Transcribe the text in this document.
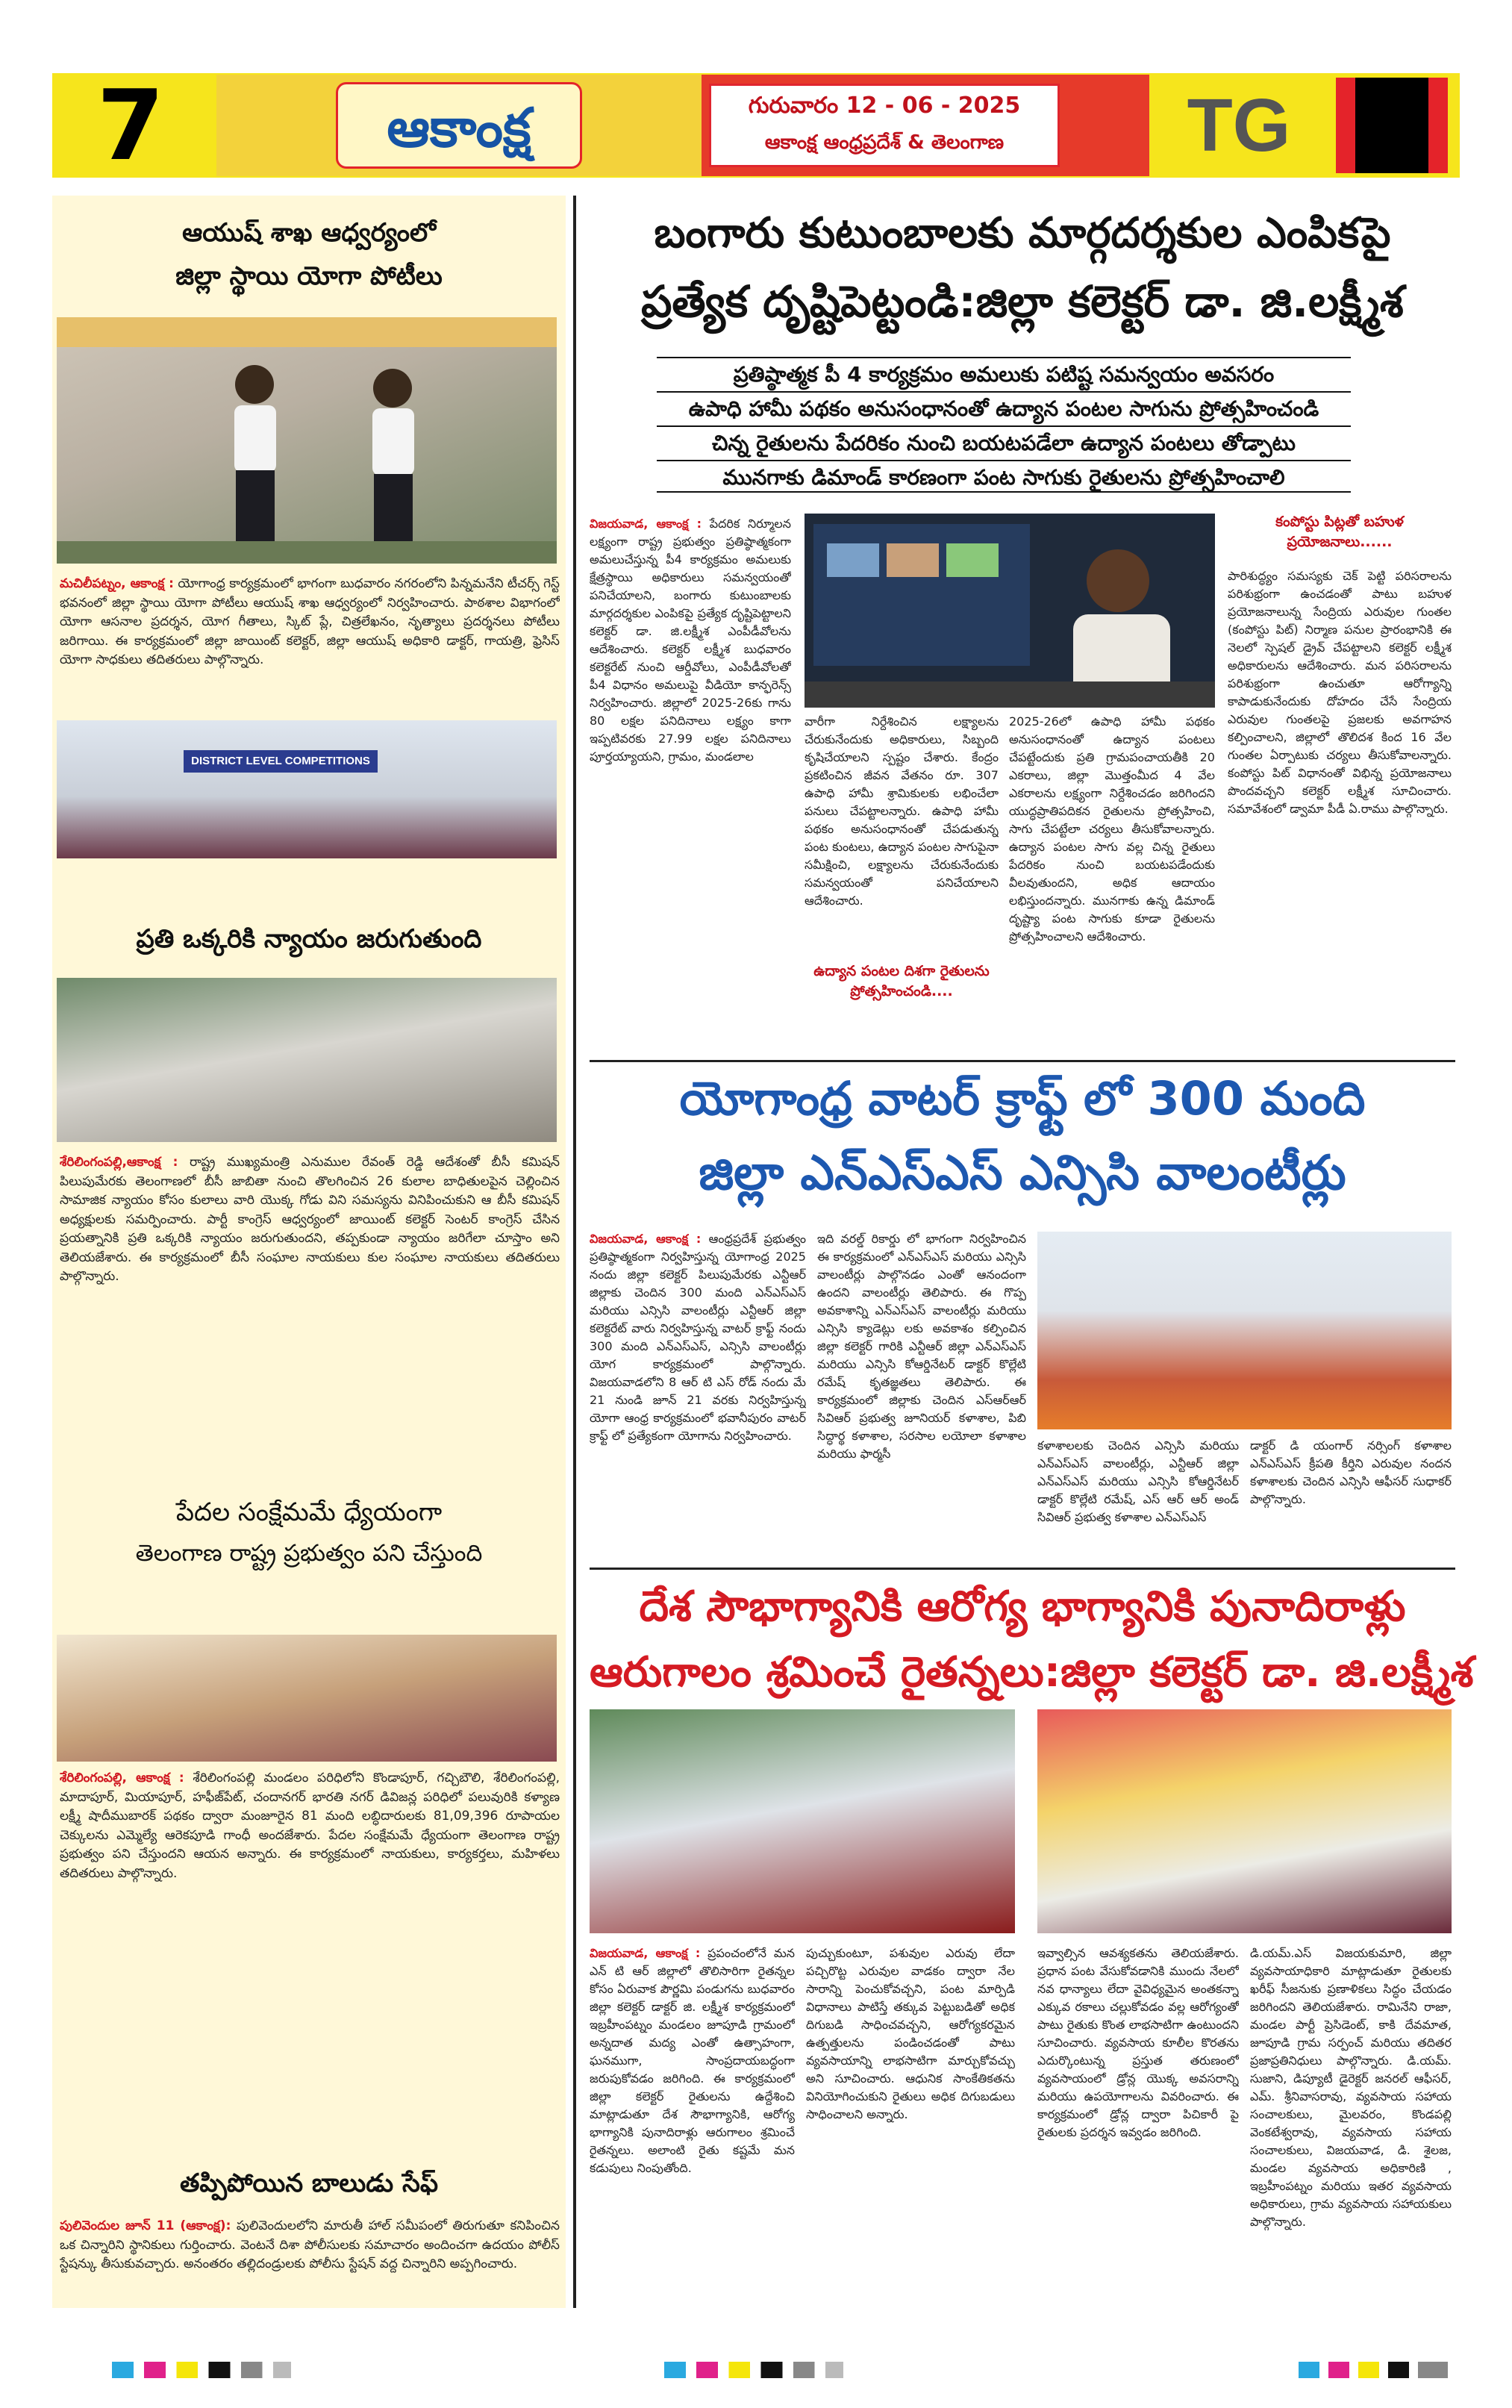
7	ఆకాంక్ష	గురువారం 12 - 06 - 2025
ఆకాంక్ష ఆంధ్రప్రదేశ్ & తెలంగాణ	TG
ఆయుష్ శాఖ ఆధ్వర్యంలో
జిల్లా స్థాయి యోగా పోటీలు
మచిలీపట్నం, ఆకాంక్ష : యోగాంధ్ర కార్యక్రమంలో భాగంగా బుధవారం నగరంలోని పిన్నమనేని టీచర్స్ గెస్ట్ భవనంలో జిల్లా స్థాయి యోగా పోటీలు ఆయుష్ శాఖ ఆధ్వర్యంలో నిర్వహించారు. పాఠశాల విభాగంలో యోగా ఆసనాల ప్రదర్శన, యోగ గీతాలు, స్కిట్ ప్లే, చిత్రలేఖనం, నృత్యాలు ప్రదర్శనలు పోటీలు జరిగాయి. ఈ కార్యక్రమంలో జిల్లా జాయింట్ కలెక్టర్, జిల్లా ఆయుష్ అధికారి డాక్టర్, గాయత్రి, ఫ్రెసిస్ యోగా సాధకులు తదితరులు పాల్గొన్నారు.
DISTRICT LEVEL COMPETITIONS
ప్రతి ఒక్కరికి న్యాయం జరుగుతుంది
శేరిలింగంపల్లి,ఆకాంక్ష : రాష్ట్ర ముఖ్యమంత్రి ఎనుముల రేవంత్ రెడ్డి ఆదేశంతో బీసీ కమిషన్ పిలుపుమేరకు తెలంగాణలో బీసీ జాబితా నుంచి తొలగించిన 26 కులాల బాధితులపైన చెల్లించిన సామాజిక న్యాయం కోసం కులాలు వారి యొక్క గోడు విని సమస్యను వినిపించుకుని ఆ బీసీ కమిషన్ అధ్యక్షులకు సమర్పించారు. పార్టీ కాంగ్రెస్ ఆధ్వర్యంలో జాయింట్ కలెక్టర్ సెంటర్ కాంగ్రెస్ చేసిన ప్రయత్నానికి ప్రతి ఒక్కరికి న్యాయం జరుగుతుందని, తప్పకుండా న్యాయం జరిగేలా చూస్తాం అని తెలియజేశారు. ఈ కార్యక్రమంలో బీసీ సంఘాల నాయకులు కుల సంఘాల నాయకులు తదితరులు పాల్గొన్నారు.
పేదల సంక్షేమమే ధ్యేయంగా
తెలంగాణ రాష్ట్ర ప్రభుత్వం పని చేస్తుంది
శేరిలింగంపల్లి, ఆకాంక్ష : శేరిలింగంపల్లి మండలం పరిధిలోని కొండాపూర్, గచ్చిబౌలి, శేరిలింగంపల్లి, మాదాపూర్, మియాపూర్, హఫీజ్‌పేట్, చందానగర్ భారతి నగర్ డివిజన్ల పరిధిలో పలువురికి కళ్యాణ లక్ష్మీ షాదీముబారక్ పథకం ద్వారా మంజూరైన 81 మంది లబ్ధిదారులకు 81,09,396 రూపాయల చెక్కులను ఎమ్మెల్యే ఆరెకపూడి గాంధీ అందజేశారు. పేదల సంక్షేమమే ధ్యేయంగా తెలంగాణ రాష్ట్ర ప్రభుత్వం పని చేస్తుందని ఆయన అన్నారు. ఈ కార్యక్రమంలో నాయకులు, కార్యకర్తలు, మహిళలు తదితరులు పాల్గొన్నారు.
తప్పిపోయిన బాలుడు సేఫ్
పులివెందుల జూన్ 11 (ఆకాంక్ష): పులివెందులలోని మారుతీ హాల్ సమీపంలో తిరుగుతూ కనిపించిన ఒక చిన్నారిని స్థానికులు గుర్తించారు. వెంటనే దిశా పోలీసులకు సమాచారం అందించగా ఉదయం పోలీస్ స్టేషన్కు తీసుకువచ్చారు. అనంతరం తల్లిదండ్రులకు పోలీసు స్టేషన్ వద్ద చిన్నారిని అప్పగించారు.
బంగారు కుటుంబాలకు మార్గదర్శకుల ఎంపికపై
ప్రత్యేక దృష్టిపెట్టండి:జిల్లా కలెక్టర్ డా. జి.లక్ష్మీశ
ప్రతిష్ఠాత్మక పీ 4 కార్యక్రమం అమలుకు పటిష్ట సమన్వయం అవసరం
ఉపాధి హామీ పథకం అనుసంధానంతో ఉద్యాన పంటల సాగును ప్రోత్సహించండి
చిన్న రైతులను పేదరికం నుంచి బయటపడేలా ఉద్యాన పంటలు తోడ్పాటు
మునగాకు డిమాండ్ కారణంగా పంట సాగుకు రైతులను ప్రోత్సహించాలి
విజయవాడ, ఆకాంక్ష : పేదరిక నిర్మూలన లక్ష్యంగా రాష్ట్ర ప్రభుత్వం ప్రతిష్ఠాత్మకంగా అమలుచేస్తున్న పీ4 కార్యక్రమం అమలుకు క్షేత్రస్థాయి అధికారులు సమన్వయంతో పనిచేయాలని, బంగారు కుటుంబాలకు మార్గదర్శకుల ఎంపికపై ప్రత్యేక దృష్టిపెట్టాలని కలెక్టర్ డా. జి.లక్ష్మీశ ఎంపీడీవోలను ఆదేశించారు. కలెక్టర్ లక్ష్మీశ బుధవారం కలెక్టరేట్ నుంచి ఆర్డీవోలు, ఎంపీడీవోలతో పీ4 విధానం అమలుపై వీడియో కాన్ఫరెన్స్ నిర్వహించారు. జిల్లాలో 2025-26కు గాను 80 లక్షల పనిదినాలు లక్ష్యం కాగా ఇప్పటివరకు 27.99 లక్షల పనిదినాలు పూర్తయ్యాయని, గ్రామం, మండలాల
వారీగా నిర్దేశించిన లక్ష్యాలను చేరుకునేందుకు అధికారులు, సిబ్బంది కృషిచేయాలని స్పష్టం చేశారు. కేంద్రం ప్రకటించిన జీవన వేతనం రూ. 307 ఉపాధి హామీ శ్రామికులకు లభించేలా పనులు చేపట్టాలన్నారు. ఉపాధి హామీ పథకం అనుసంధానంతో చేపడుతున్న పంట కుంటలు, ఉద్యాన పంటల సాగుపైనా సమీక్షించి, లక్ష్యాలను చేరుకునేందుకు సమన్వయంతో పనిచేయాలని ఆదేశించారు.
2025-26లో ఉపాధి హామీ పథకం అనుసంధానంతో ఉద్యాన పంటలు చేపట్టేందుకు ప్రతి గ్రామపంచాయతీకి 20 ఎకరాలు, జిల్లా మొత్తంమీద 4 వేల ఎకరాలను లక్ష్యంగా నిర్దేశించడం జరిగిందని యుద్ధప్రాతిపదికన రైతులను ప్రోత్సహించి, సాగు చేపట్టేలా చర్యలు తీసుకోవాలన్నారు. ఉద్యాన పంటల సాగు వల్ల చిన్న రైతులు పేదరికం నుంచి బయటపడేందుకు వీలవుతుందని, అధిక ఆదాయం లభిస్తుందన్నారు. మునగాకు ఉన్న డిమాండ్ దృష్ట్యా పంట సాగుకు కూడా రైతులను ప్రోత్సహించాలని ఆదేశించారు.
ఉద్యాన పంటల దిశగా రైతులను ప్రోత్సహించండి....
కంపోస్టు పిట్లతో బహుళ ప్రయోజనాలు......
పారిశుద్ధ్యం సమస్యకు చెక్ పెట్టి పరిసరాలను పరిశుభ్రంగా ఉంచడంతో పాటు బహుళ ప్రయోజనాలున్న సేంద్రియ ఎరువుల గుంతల (కంపోస్టు పిట్) నిర్మాణ పనుల ప్రారంభానికి ఈ నెలలో స్పెషల్ డ్రైవ్ చేపట్టాలని కలెక్టర్ లక్ష్మీశ అధికారులను ఆదేశించారు. మన పరిసరాలను పరిశుభ్రంగా ఉంచుతూ ఆరోగ్యాన్ని కాపాడుకునేందుకు దోహదం చేసే సేంద్రియ ఎరువుల గుంతలపై ప్రజలకు అవగాహన కల్పించాలని, జిల్లాలో తొలిదశ కింద 16 వేల గుంతల ఏర్పాటుకు చర్యలు తీసుకోవాలన్నారు. కంపోస్టు పిట్ విధానంతో విభిన్న ప్రయోజనాలు పొందవచ్చని కలెక్టర్ లక్ష్మీశ సూచించారు. సమావేశంలో డ్వామా పీడీ ఏ.రాము పాల్గొన్నారు.
యోగాంధ్ర వాటర్ క్రాఫ్ట్ లో 300 మంది
జిల్లా ఎన్ఎస్ఎస్ ఎన్సిసి వాలంటీర్లు
విజయవాడ, ఆకాంక్ష : ఆంధ్రప్రదేశ్ ప్రభుత్వం ప్రతిష్ఠాత్మకంగా నిర్వహిస్తున్న యోగాంధ్ర 2025 నందు జిల్లా కలెక్టర్ పిలుపుమేరకు ఎన్టీఆర్ జిల్లాకు చెందిన 300 మంది ఎన్ఎస్ఎస్ మరియు ఎన్సిసి వాలంటీర్లు ఎన్టీఆర్ జిల్లా కలెక్టరేట్ వారు నిర్వహిస్తున్న వాటర్ క్రాఫ్ట్ నందు 300 మంది ఎన్ఎస్ఎస్, ఎన్సిసి వాలంటీర్లు యోగ కార్యక్రమంలో పాల్గొన్నారు. విజయవాడలోని 8 ఆర్ టి ఎస్ రోడ్ నందు మే 21 నుండి జూన్ 21 వరకు నిర్వహిస్తున్న యోగా ఆంధ్ర కార్యక్రమంలో భవానీపురం వాటర్ క్రాఫ్ట్ లో ప్రత్యేకంగా యోగాను నిర్వహించారు.
ఇది వరల్డ్ రికార్డు లో భాగంగా నిర్వహించిన ఈ కార్యక్రమంలో ఎన్ఎస్ఎస్ మరియు ఎన్సిసి వాలంటీర్లు పాల్గొనడం ఎంతో ఆనందంగా ఉందని వాలంటీర్లు తెలిపారు. ఈ గొప్ప అవకాశాన్ని ఎన్ఎస్ఎస్ వాలంటీర్లు మరియు ఎన్సిసి క్యాడెట్లు లకు అవకాశం కల్పించిన జిల్లా కలెక్టర్ గారికి ఎన్టీఆర్ జిల్లా ఎన్ఎస్ఎస్ మరియు ఎన్సిసి కోఆర్డినేటర్ డాక్టర్ కొల్లేటి రమేష్ కృతజ్ఞతలు తెలిపారు. ఈ కార్యక్రమంలో జిల్లాకు చెందిన ఎస్ఆర్ఆర్ సివిఆర్ ప్రభుత్వ జూనియర్ కళాశాల, పిబి సిద్ధార్థ కళాశాల, సరసాల లయోలా కళాశాల మరియు ఫార్మసీ
కళాశాలలకు చెందిన ఎన్సిసి మరియు ఎన్ఎస్ఎస్ వాలంటీర్లు, ఎన్టీఆర్ జిల్లా ఎన్ఎస్ఎస్ మరియు ఎన్సిసి కోఆర్డినేటర్ డాక్టర్ కొల్లేటి రమేష్, ఎస్ ఆర్ ఆర్ అండ్ సివిఆర్ ప్రభుత్వ కళాశాల ఎన్ఎస్ఎస్
డాక్టర్ డి యంగార్ నర్సింగ్ కళాశాల ఎన్ఎస్ఎస్ క్రీపతి కీర్తిని ఎరువుల నందన కళాశాలకు చెందిన ఎన్సిసి ఆఫీసర్ సుధాకర్ పాల్గొన్నారు.
దేశ సౌభాగ్యానికి ఆరోగ్య భాగ్యానికి పునాదిరాళ్లు
ఆరుగాలం శ్రమించే రైతన్నలు:జిల్లా కలెక్టర్ డా. జి.లక్ష్మీశ
విజయవాడ, ఆకాంక్ష : ప్రపంచంలోనే మన ఎన్ టి ఆర్ జిల్లాలో తొలిసారిగా రైతన్నల కోసం ఏరువాక పౌర్ణమి పండుగను బుధవారం జిల్లా కలెక్టర్ డాక్టర్ జి. లక్ష్మీశ కార్యక్రమంలో ఇబ్రహీంపట్నం మండలం జూపూడి గ్రామంలో అన్నదాత మద్య ఎంతో ఉత్సాహంగా, ఘనముగా, సాంప్రదాయబద్ధంగా జరుపుకోవడం జరిగింది. ఈ కార్యక్రమంలో జిల్లా కలెక్టర్ రైతులను ఉద్దేశించి మాట్లాడుతూ దేశ సౌభాగ్యానికి, ఆరోగ్య భాగ్యానికి పునాదిరాళ్లు ఆరుగాలం శ్రమించే రైతన్నలు. అలాంటి రైతు కష్టమే మన కడుపులు నింపుతోంది.
పుచ్చుకుంటూ, పశువుల ఎరువు లేదా పచ్చిరొట్ట ఎరువుల వాడకం ద్వారా నేల సారాన్ని పెంచుకోవచ్చని, పంట మార్పిడి విధానాలు పాటిస్తే తక్కువ పెట్టుబడితో అధిక దిగుబడి సాధించవచ్చని, ఆరోగ్యకరమైన ఉత్పత్తులను పండించడంతో పాటు వ్యవసాయాన్ని లాభసాటిగా మార్చుకోవచ్చు అని సూచించారు. ఆధునిక సాంకేతికతను వినియోగించుకుని రైతులు అధిక దిగుబడులు సాధించాలని అన్నారు.
ఇవ్వాల్సిన ఆవశ్యకతను తెలియజేశారు. ప్రధాన పంట వేసుకోవడానికి ముందు నేలలో నవ ధాన్యాలు లేదా వైవిధ్యమైన అంతకన్నా ఎక్కువ రకాలు చల్లుకోవడం వల్ల ఆరోగ్యంతో పాటు రైతుకు కొంత లాభసాటిగా ఉంటుందని సూచించారు. వ్యవసాయ కూలీల కొరతను ఎదుర్కొంటున్న ప్రస్తుత తరుణంలో వ్యవసాయంలో డ్రోన్ల యొక్క అవసరాన్ని మరియు ఉపయోగాలను వివరించారు. ఈ కార్యక్రమంలో డ్రోన్ల ద్వారా పిచికారీ పై రైతులకు ప్రదర్శన ఇవ్వడం జరిగింది.
డి.యమ్.ఎస్ విజయకుమారి, జిల్లా వ్యవసాయాధికారి మాట్లాడుతూ రైతులకు ఖరీఫ్ సీజనుకు ప్రణాళికలు సిద్ధం చేయడం జరిగిందని తెలియజేశారు. రామినేని రాజా, మండల పార్టీ ప్రెసిడెంట్, కాకి దేవమాత, జూపూడి గ్రామ సర్పంచ్ మరియు తదితర ప్రజాప్రతినిధులు పాల్గొన్నారు. డి.యమ్. సుజాని, డిప్యూటీ డైరెక్టర్ జనరల్ ఆఫీసర్, ఎమ్. శ్రీనివాసరావు, వ్యవసాయ సహాయ సంచాలకులు, మైలవరం, కొండపల్లి వెంకటేశ్వరావు, వ్యవసాయ సహాయ సంచాలకులు, విజయవాడ, డి. శైలజ, మండల వ్యవసాయ అధికారిణి , ఇబ్రహీంపట్నం మరియు ఇతర వ్యవసాయ అధికారులు, గ్రామ వ్యవసాయ సహాయకులు పాల్గొన్నారు.
